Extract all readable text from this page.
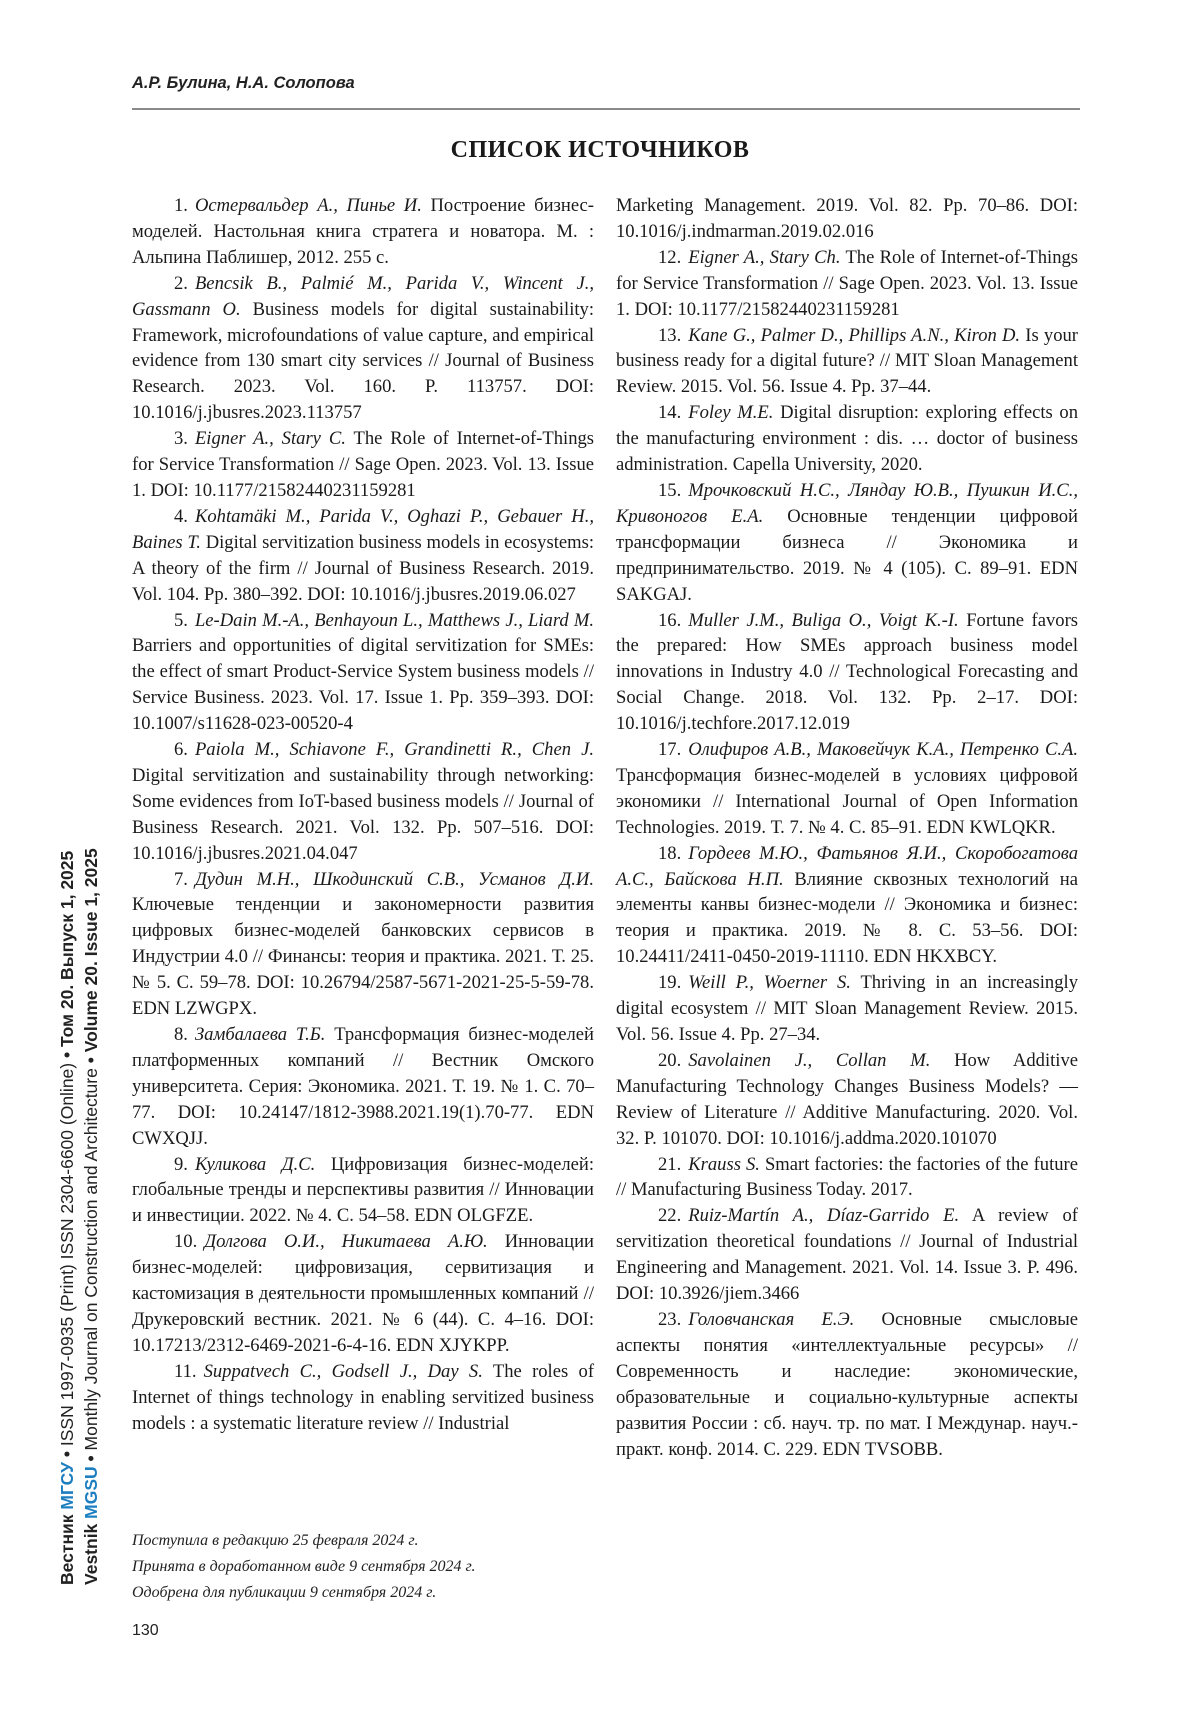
А.Р. Булина, Н.А. Солопова
СПИСОК ИСТОЧНИКОВ

1. Остервальдер А., Пинье И. Построение бизнес-моделей. Настольная книга стратега и новатора. М. : Альпина Паблишер, 2012. 255 с.

2. Bencsik B., Palmié M., Parida V., Wincent J., Gassmann O. Business models for digital sustainability: Framework, microfoundations of value capture, and empirical evidence from 130 smart city services // Journal of Business Research. 2023. Vol. 160. P. 113757. DOI: 10.1016/j.jbusres.2023.113757

3. Eigner A., Stary C. The Role of Internet-of-Things for Service Transformation // Sage Open. 2023. Vol. 13. Issue 1. DOI: 10.1177/21582440231159281

4. Kohtamäki M., Parida V., Oghazi P., Gebauer H., Baines T. Digital servitization business models in ecosystems: A theory of the firm // Journal of Business Research. 2019. Vol. 104. Pp. 380–392. DOI: 10.1016/j.jbusres.2019.06.027

5. Le-Dain M.-A., Benhayoun L., Matthews J., Liard M. Barriers and opportunities of digital servitization for SMEs: the effect of smart Product-Service System business models // Service Business. 2023. Vol. 17. Issue 1. Pp. 359–393. DOI: 10.1007/s11628-023-00520-4

6. Paiola M., Schiavone F., Grandinetti R., Chen J. Digital servitization and sustainability through networking: Some evidences from IoT-based business models // Journal of Business Research. 2021. Vol. 132. Pp. 507–516. DOI: 10.1016/j.jbusres.2021.04.047

7. Дудин М.Н., Шкодинский С.В., Усманов Д.И. Ключевые тенденции и закономерности развития цифровых бизнес-моделей банковских сервисов в Индустрии 4.0 // Финансы: теория и практика. 2021. Т. 25. № 5. С. 59–78. DOI: 10.26794/2587-5671-2021-25-5-59-78. EDN LZWGPX.

8. Замбалаева Т.Б. Трансформация бизнес-моделей платформенных компаний // Вестник Омского университета. Серия: Экономика. 2021. Т. 19. № 1. С. 70–77. DOI: 10.24147/1812-3988.2021.19(1).70-77. EDN CWXQJJ.

9. Куликова Д.С. Цифровизация бизнес-моделей: глобальные тренды и перспективы развития // Инновации и инвестиции. 2022. № 4. С. 54–58. EDN OLGFZE.

10. Долгова О.И., Никитаева А.Ю. Инновации бизнес-моделей: цифровизация, сервитизация и кастомизация в деятельности промышленных компаний // Друкеровский вестник. 2021. № 6 (44). С. 4–16. DOI: 10.17213/2312-6469-2021-6-4-16. EDN XJYKPP.

11. Suppatvech C., Godsell J., Day S. The roles of Internet of things technology in enabling servitized business models : a systematic literature review // Industrial

Marketing Management. 2019. Vol. 82. Pp. 70–86. DOI: 10.1016/j.indmarman.2019.02.016

12. Eigner A., Stary Ch. The Role of Internet-of-Things for Service Transformation // Sage Open. 2023. Vol. 13. Issue 1. DOI: 10.1177/21582440231159281

13. Kane G., Palmer D., Phillips A.N., Kiron D. Is your business ready for a digital future? // MIT Sloan Management Review. 2015. Vol. 56. Issue 4. Pp. 37–44.

14. Foley M.E. Digital disruption: exploring effects on the manufacturing environment : dis. … doctor of business administration. Capella University, 2020.

15. Мрочковский Н.С., Ляндау Ю.В., Пушкин И.С., Кривоногов Е.А. Основные тенденции цифровой трансформации бизнеса // Экономика и предпринимательство. 2019. № 4 (105). С. 89–91. EDN SAKGAJ.

16. Muller J.M., Buliga O., Voigt K.-I. Fortune favors the prepared: How SMEs approach business model innovations in Industry 4.0 // Technological Forecasting and Social Change. 2018. Vol. 132. Pp. 2–17. DOI: 10.1016/j.techfore.2017.12.019

17. Олифиров А.В., Маковейчук К.А., Петренко С.А. Трансформация бизнес-моделей в условиях цифровой экономики // International Journal of Open Information Technologies. 2019. Т. 7. № 4. С. 85–91. EDN KWLQKR.

18. Гордеев М.Ю., Фатьянов Я.И., Скоробогатова А.С., Байскова Н.П. Влияние сквозных технологий на элементы канвы бизнес-модели // Экономика и бизнес: теория и практика. 2019. № 8. С. 53–56. DOI: 10.24411/2411-0450-2019-11110. EDN HKXBCY.

19. Weill P., Woerner S. Thriving in an increasingly digital ecosystem // MIT Sloan Management Review. 2015. Vol. 56. Issue 4. Pp. 27–34.

20. Savolainen J., Collan M. How Additive Manufacturing Technology Changes Business Models? — Review of Literature // Additive Manufacturing. 2020. Vol. 32. P. 101070. DOI: 10.1016/j.addma.2020.101070

21. Krauss S. Smart factories: the factories of the future // Manufacturing Business Today. 2017.

22. Ruiz-Martín A., Díaz-Garrido E. A review of servitization theoretical foundations // Journal of Industrial Engineering and Management. 2021. Vol. 14. Issue 3. P. 496. DOI: 10.3926/jiem.3466

23. Головчанская Е.Э. Основные смысловые аспекты понятия «интеллектуальные ресурсы» // Современность и наследие: экономические, образовательные и социально-культурные аспекты развития России : сб. науч. тр. по мат. I Междунар. науч.-практ. конф. 2014. С. 229. EDN TVSOBB.

Поступила в редакцию 25 февраля 2024 г.
Принята в доработанном виде 9 сентября 2024 г.
Одобрена для публикации 9 сентября 2024 г.
130
Вестник МГСУ • ISSN 1997-0935 (Print) ISSN 2304-6600 (Online) • Том 20. Выпуск 1, 2025
Vestnik MGSU • Monthly Journal on Construction and Architecture • Volume 20. Issue 1, 2025
